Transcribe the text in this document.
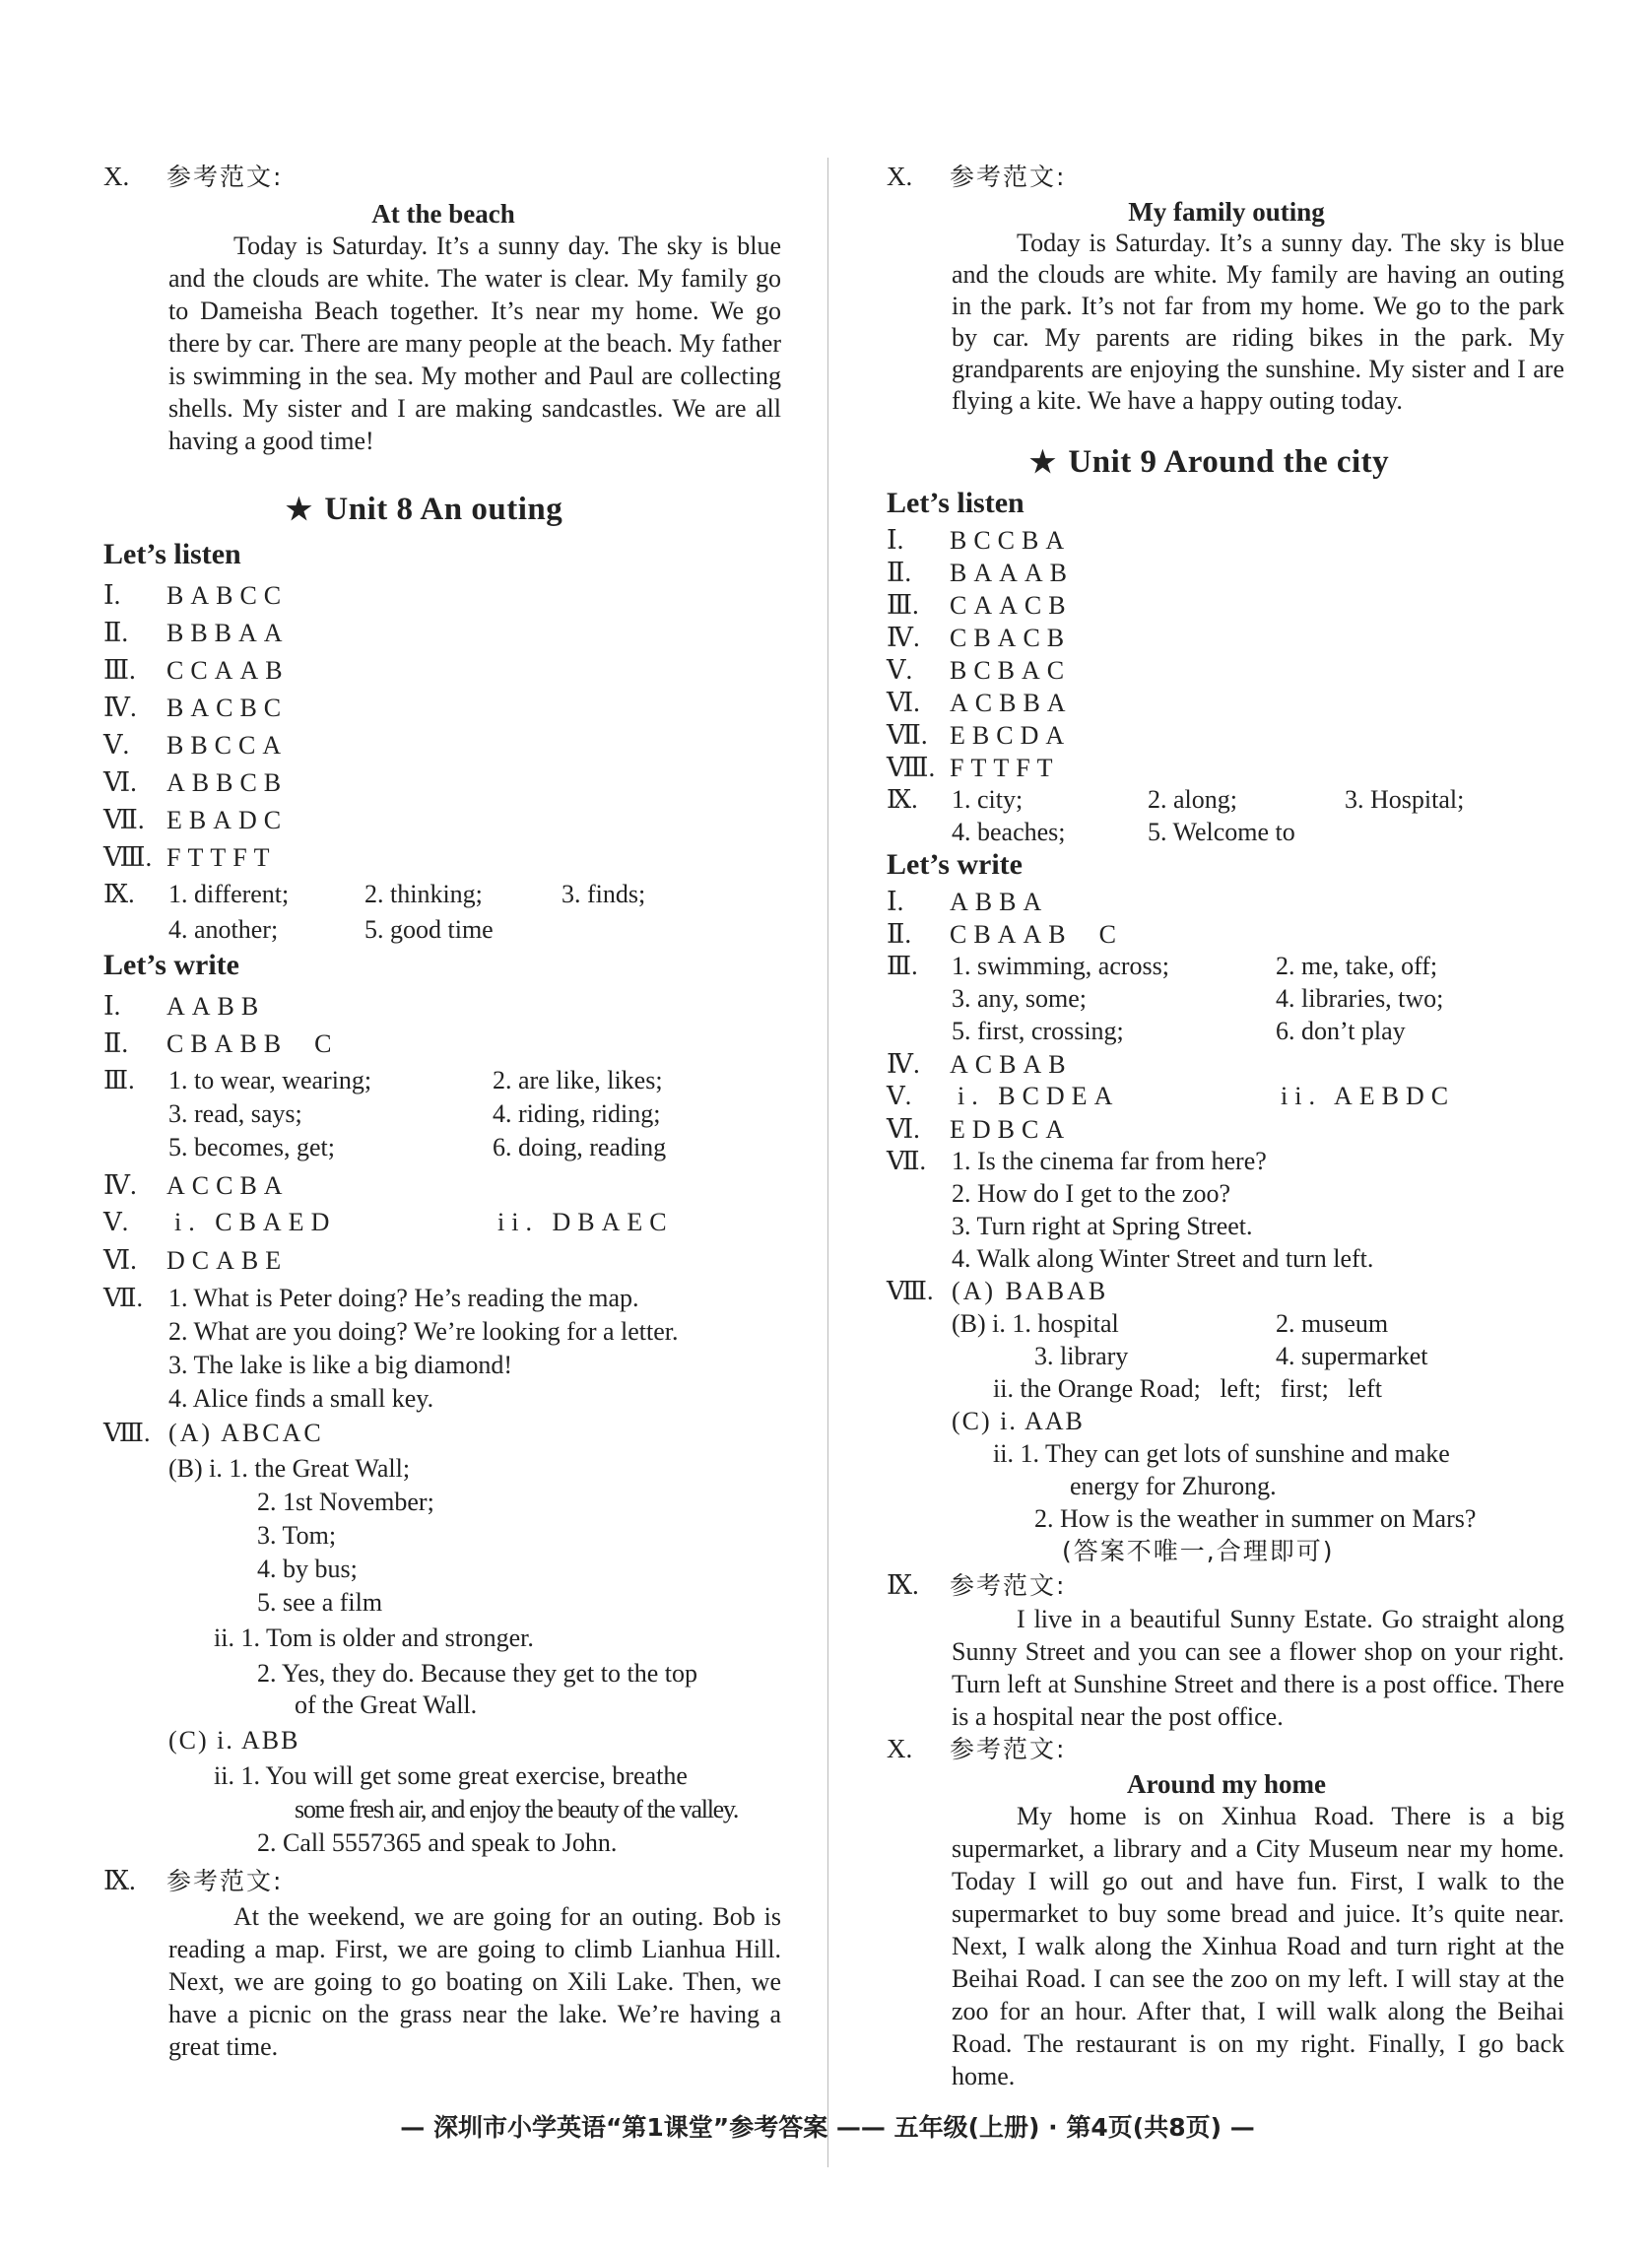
X. 参考范文:
At the beach
Today is Saturday. It’s a sunny day. The sky is blue and the clouds are white. The water is clear. My family go to Dameisha Beach together. It’s near my home. We go there by car. There are many people at the beach. My father is swimming in the sea. My mother and Paul are collecting shells. My sister and I are making sandcastles. We are all having a good time!
★ Unit 8 An outing
Let’s listen
Ⅰ. BABCC
Ⅱ. BBBAA
Ⅲ. CCAAB
Ⅳ. BACBC
Ⅴ. BBCCA
Ⅵ. ABBCB
Ⅶ. EBADC
Ⅷ. FTTFT
Ⅸ. 1. different;	2. thinking;	3. finds;
4. another;	5. good time
Let’s write
Ⅰ. AABB
Ⅱ. CBABB  C
Ⅲ. 1. to wear, wearing;	2. are like, likes;
3. read, says;	4. riding, riding;
5. becomes, get;	6. doing, reading
Ⅳ. ACCBA
Ⅴ. i. CBAED	ii. DBAEC
Ⅵ. DCABE
Ⅶ. 1. What is Peter doing? He’s reading the map.
2. What are you doing? We’re looking for a letter.
3. The lake is like a big diamond!
4. Alice finds a small key.
Ⅷ. (A) ABCAC
(B) i. 1. the Great Wall;
2. 1st November;
3. Tom;
4. by bus;
5. see a film
ii. 1. Tom is older and stronger.
2. Yes, they do. Because they get to the top
of the Great Wall.
(C) i. ABB
ii. 1. You will get some great exercise, breathe
some fresh air, and enjoy the beauty of the valley.
2. Call 5557365 and speak to John.
Ⅸ. 参考范文:
At the weekend, we are going for an outing. Bob is reading a map. First, we are going to climb Lianhua Hill. Next, we are going to go boating on Xili Lake. Then, we have a picnic on the grass near the lake. We’re having a great time.
X. 参考范文:
My family outing
Today is Saturday. It’s a sunny day. The sky is blue and the clouds are white. My family are having an outing in the park. It’s not far from my home. We go to the park by car. My parents are riding bikes in the park. My grandparents are enjoying the sunshine. My sister and I are flying a kite. We have a happy outing today.
★ Unit 9 Around the city
Let’s listen
Ⅰ. BCCBA
Ⅱ. BAAAB
Ⅲ. CAACB
Ⅳ. CBACB
Ⅴ. BCBAC
Ⅵ. ACBBA
Ⅶ. EBCDA
Ⅷ. FTTFT
Ⅸ. 1. city;	2. along;	3. Hospital;
4. beaches;	5. Welcome to
Let’s write
Ⅰ. ABBA
Ⅱ. CBAAB  C
Ⅲ. 1. swimming, across;	2. me, take, off;
3. any, some;	4. libraries, two;
5. first, crossing;	6. don’t play
Ⅳ. ACBAB
Ⅴ. i. BCDEA	ii. AEBDC
Ⅵ. EDBCA
Ⅶ. 1. Is the cinema far from here?
2. How do I get to the zoo?
3. Turn right at Spring Street.
4. Walk along Winter Street and turn left.
Ⅷ. (A) BABAB
(B) i. 1. hospital	2. museum
3. library	4. supermarket
ii. the Orange Road;   left;   first;   left
(C) i. AAB
ii. 1. They can get lots of sunshine and make
energy for Zhurong.
2. How is the weather in summer on Mars?
(答案不唯一,合理即可)
Ⅸ. 参考范文:
I live in a beautiful Sunny Estate. Go straight along Sunny Street and you can see a flower shop on your right. Turn left at Sunshine Street and there is a post office. There is a hospital near the post office.
X. 参考范文:
Around my home
My home is on Xinhua Road. There is a big supermarket, a library and a City Museum near my home. Today I will go out and have fun. First, I walk to the supermarket to buy some bread and juice. It’s quite near. Next, I walk along the Xinhua Road and turn right at the Beihai Road. I can see the zoo on my left. I will stay at the zoo for an hour. After that, I will walk along the Beihai Road. The restaurant is on my right. Finally, I go back home.
— 深圳市小学英语“第1课堂”参考答案 —— 五年级(上册) · 第4页(共8页) —
